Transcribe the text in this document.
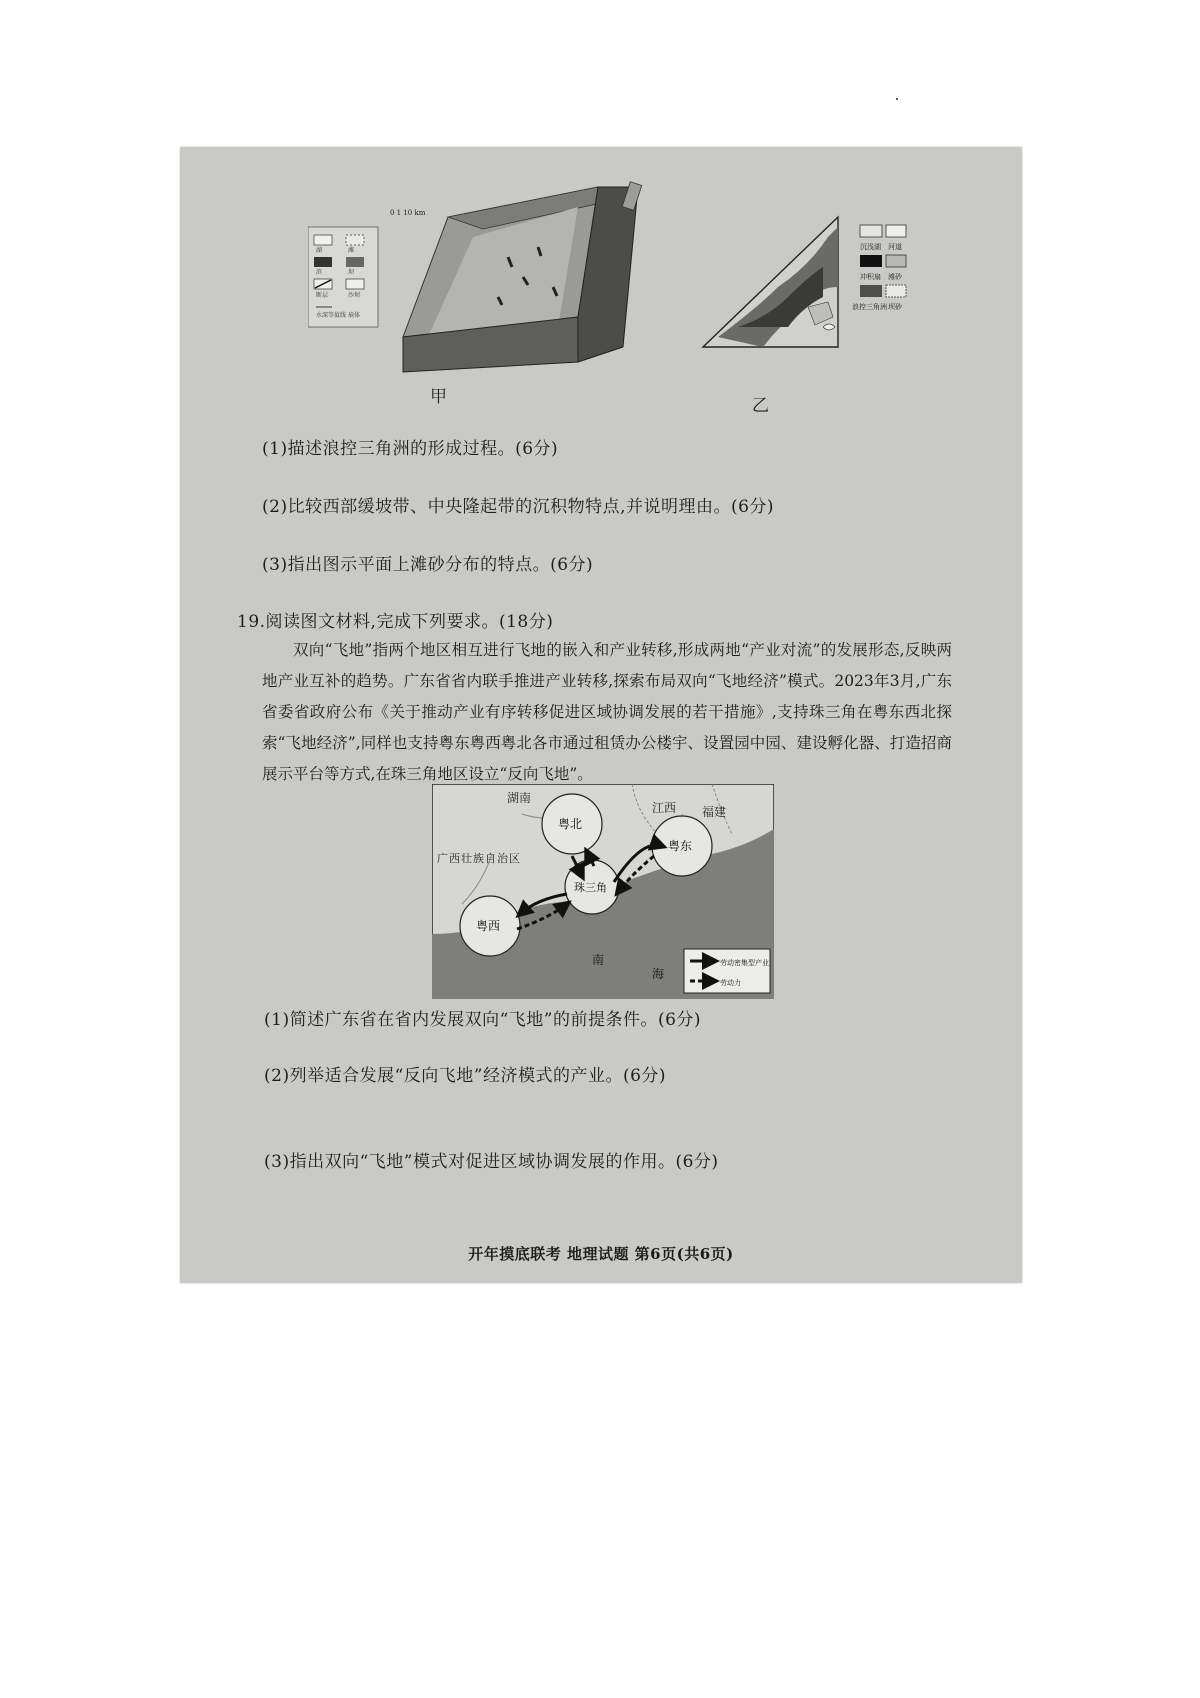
湖	滩
滨	坝
断层	沙坝
水深等值线 扇体
0 1 10 km
沉浅湖
冲积扇
浪控三角洲
河道
滩砂
坝砂
甲	乙
(1)描述浪控三角洲的形成过程。(6分)
(2)比较西部缓坡带、中央隆起带的沉积物特点,并说明理由。(6分)
(3)指出图示平面上滩砂分布的特点。(6分)
19.阅读图文材料,完成下列要求。(18分)

双向“飞地”指两个地区相互进行飞地的嵌入和产业转移,形成两地“产业对流”的发展形态,反映两地产业互补的趋势。广东省省内联手推进产业转移,探索布局双向“飞地经济”模式。2023年3月,广东省委省政府公布《关于推动产业有序转移促进区域协调发展的若干措施》,支持珠三角在粤东西北探索“飞地经济”,同样也支持粤东粤西粤北各市通过租赁办公楼宇、设置园中园、建设孵化器、打造招商展示平台等方式,在珠三角地区设立“反向飞地”。

湖南
江西 福建
广西壮族自治区
粤北
粤东
珠三角
粤西
南
海
劳动密集型产业
劳动力
(1)简述广东省在省内发展双向“飞地”的前提条件。(6分)
(2)列举适合发展“反向飞地”经济模式的产业。(6分)
(3)指出双向“飞地”模式对促进区域协调发展的作用。(6分)
开年摸底联考 地理试题 第6页(共6页)
